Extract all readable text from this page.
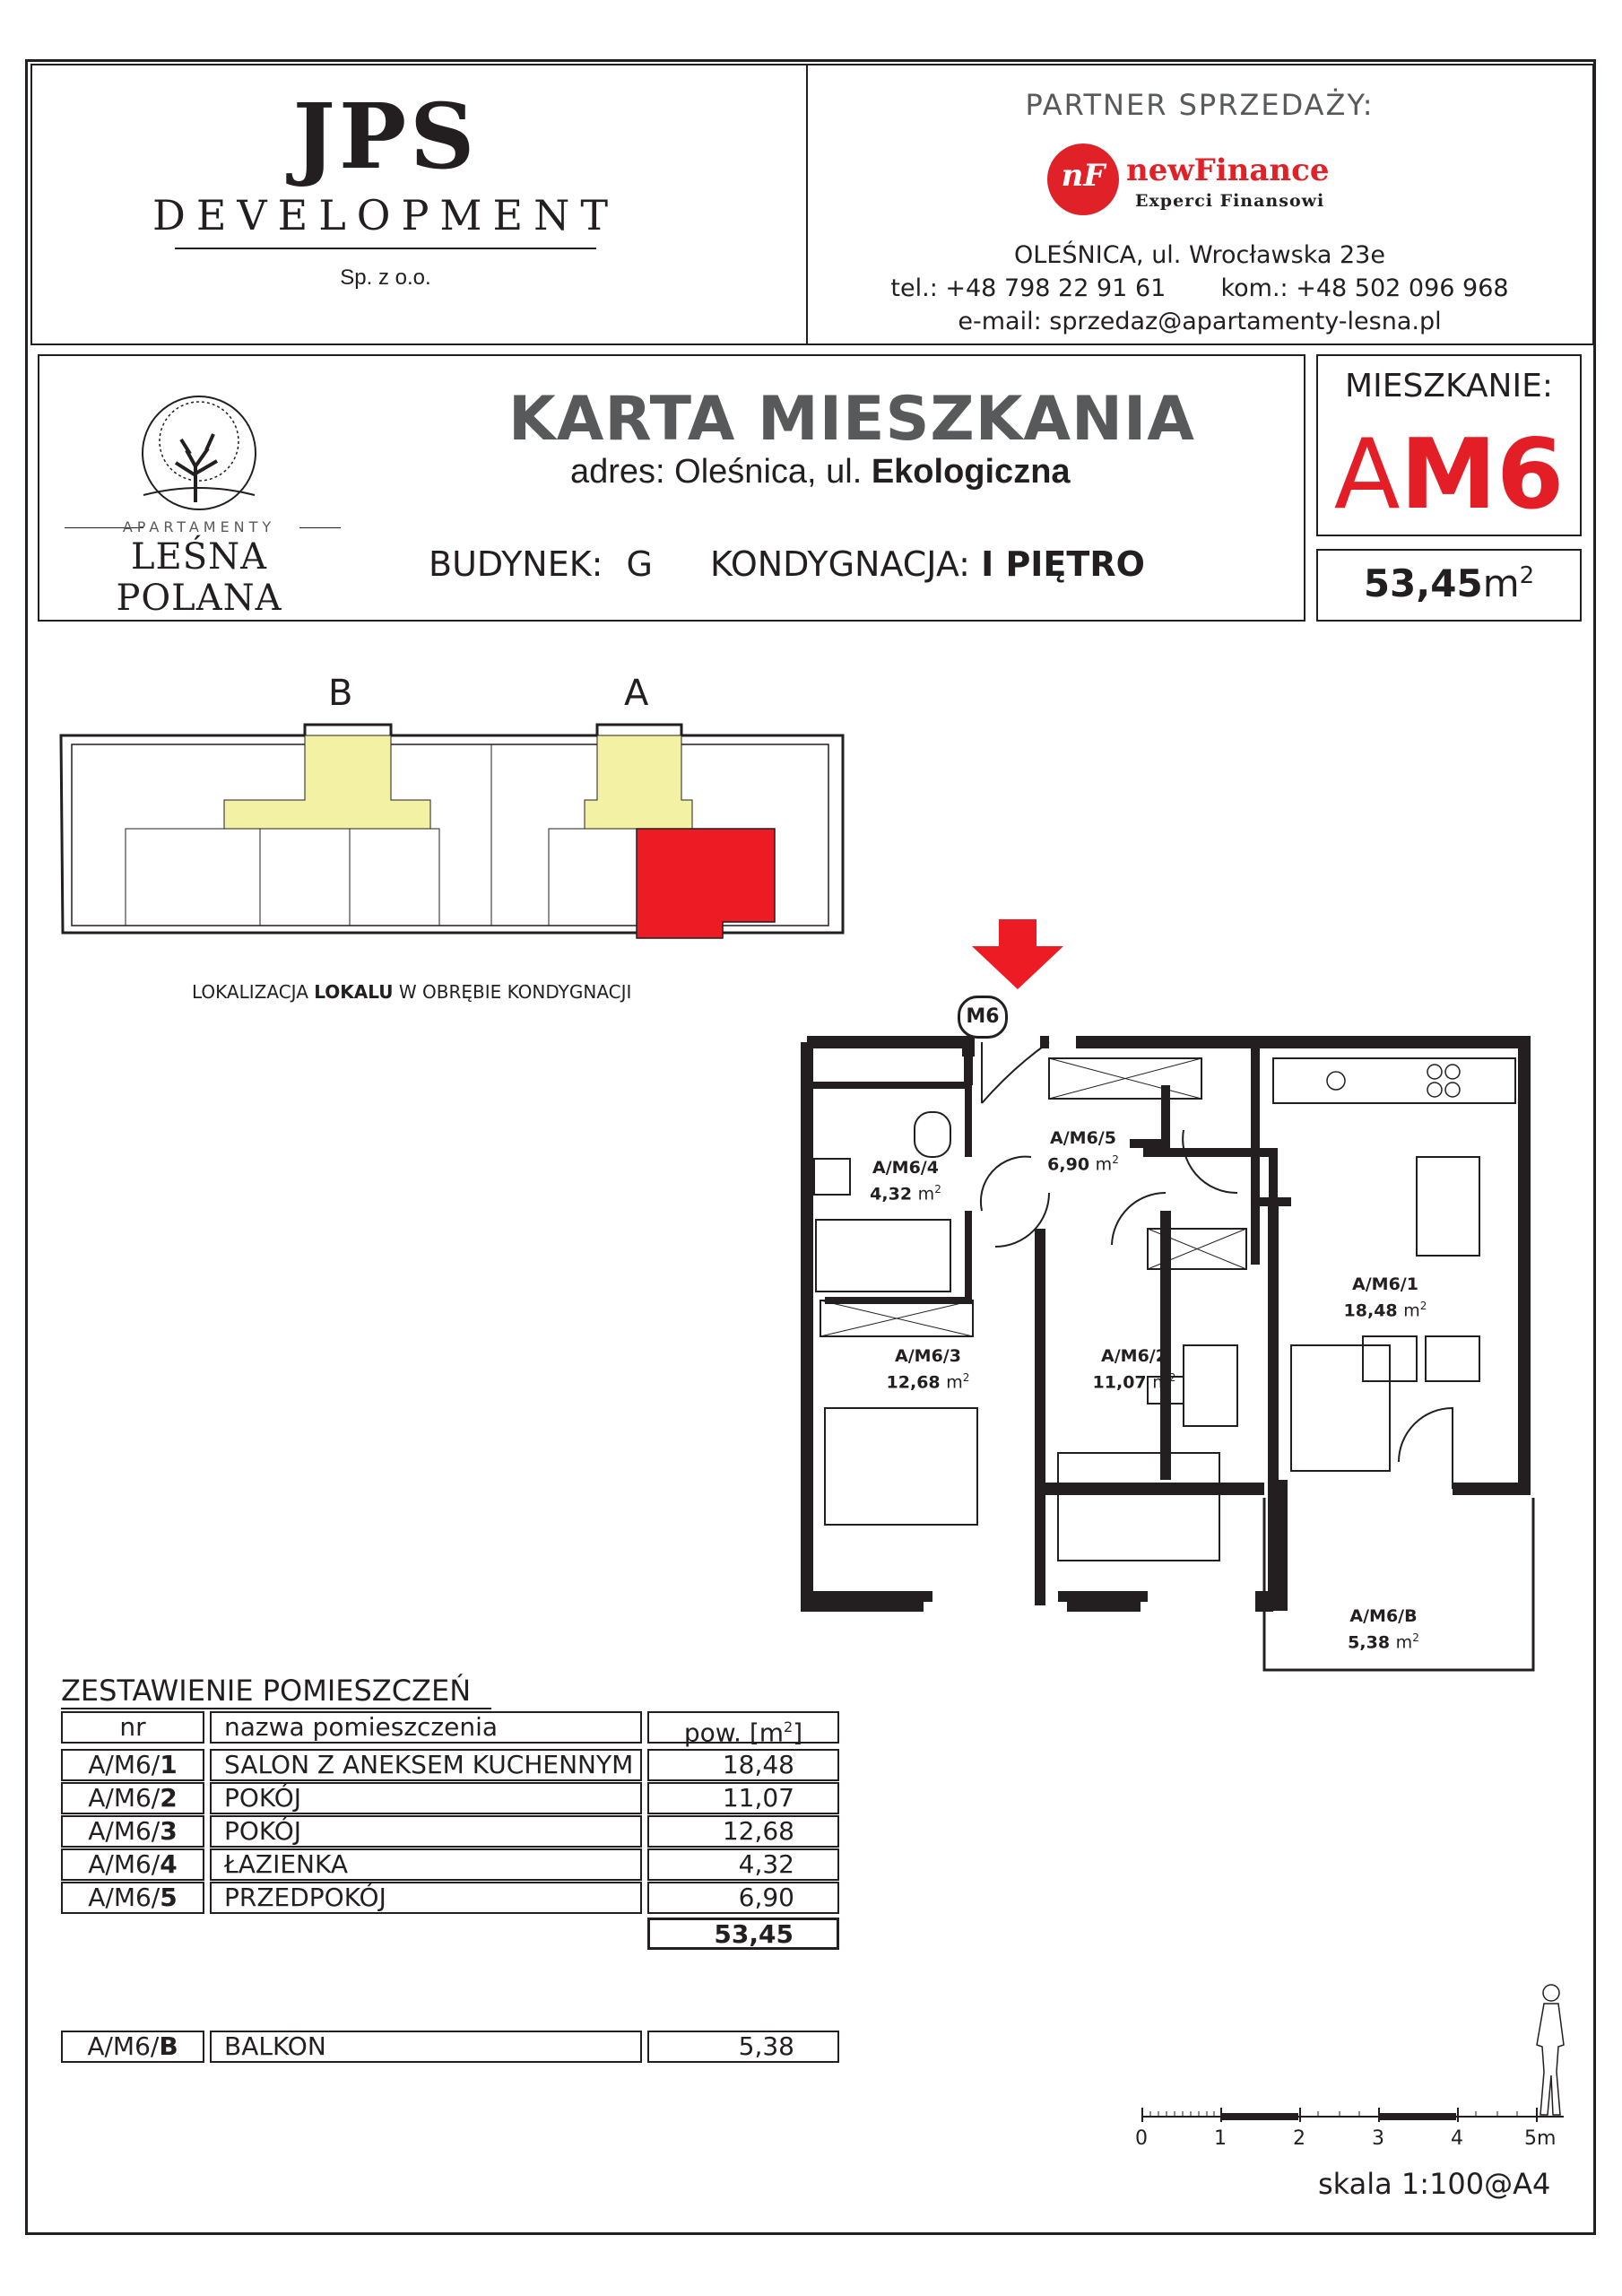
JPS
DEVELOPMENT
Sp. z o.o.
PARTNER SPRZEDAŻY:
nF newFinance
Experci Finansowi
OLEŚNICA, ul. Wrocławska 23e
tel.: +48 798 22 91 61 kom.: +48 502 096 968
e-mail: sprzedaz@apartamenty-lesna.pl
APARTAMENTY
LEŚNA POLANA
KARTA MIESZKANIA
adres: Oleśnica, ul. Ekologiczna
BUDYNEK: G KONDYGNACJA: I PIĘTRO
MIESZKANIE:
AM6
$53,45m^2$
B	A
LOKALIZACJA LOKALU W OBRĘBIE KONDYGNACJI
M6
A/M6/5
6,90 $m^2$
A/M6/4
4,32 $m^2$
A/M6/1
18,48 $m^2$
A/M6/3
12,68 $m^2$
A/M6/2
11,07 $m^2$
A/M6/B
5,38 $m^2$
ZESTAWIENIE POMIESZCZEŃ
nr	nazwa pomieszczenia	pow. $[m^2]$
A/M6/1	SALON Z ANEKSEM KUCHENNYM	18,48
A/M6/2	POKÓJ	11,07
A/M6/3	POKÓJ	12,68
A/M6/4	ŁAZIENKA	4,32
A/M6/5	PRZEDPOKÓJ	6,90
53,45
A/M6/B	BALKON	5,38
0	1	2	3	4	5m
skala 1:100@A4
